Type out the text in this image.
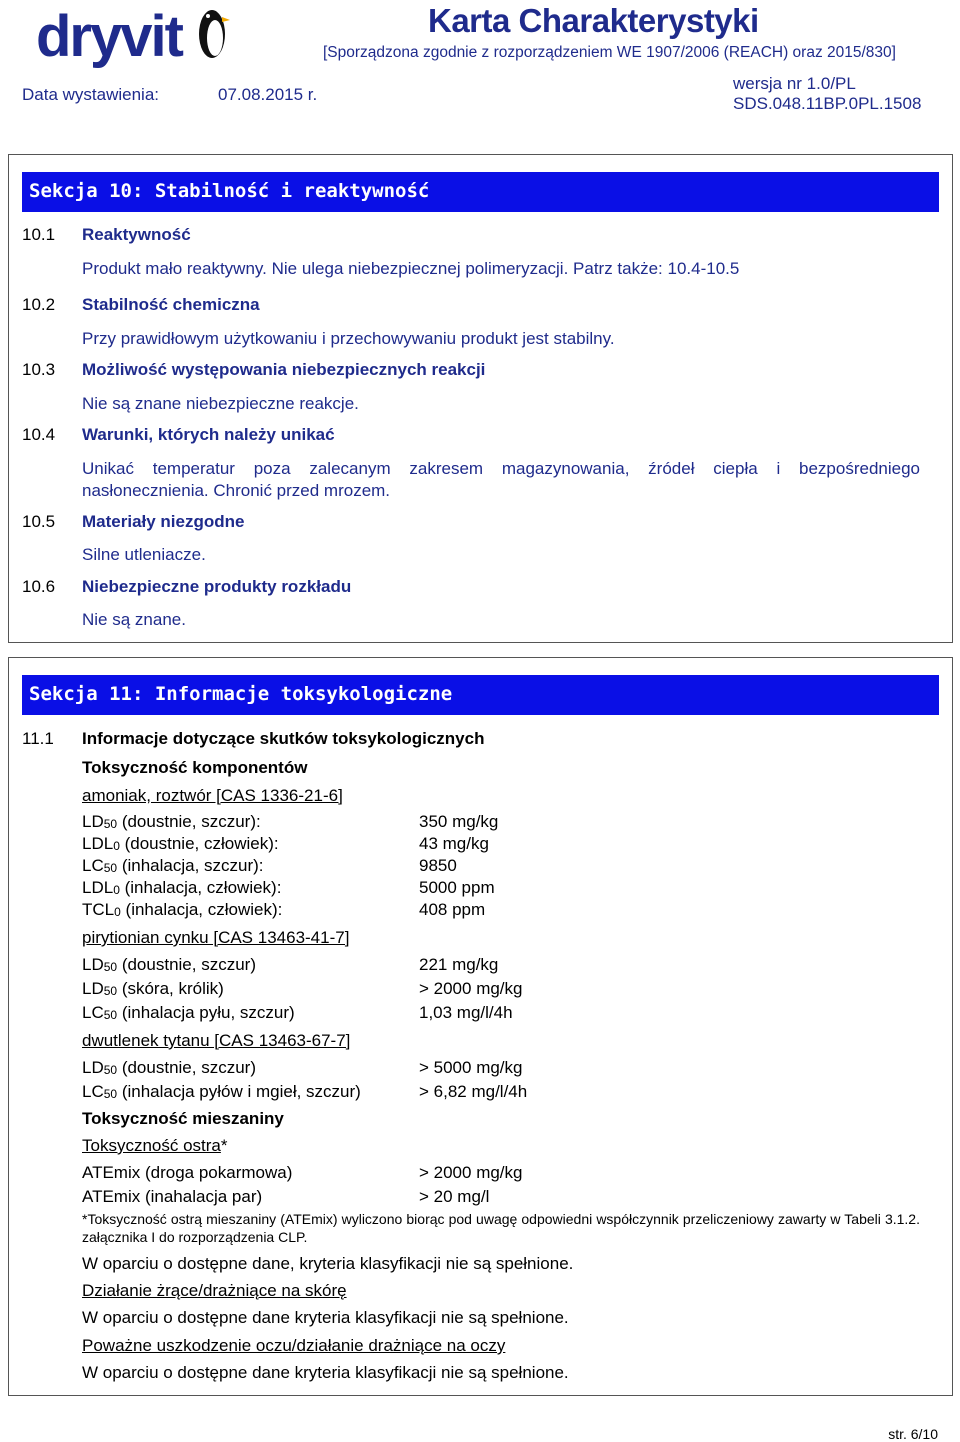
dryvit	Karta Charakterystyki
[Sporządzona zgodnie z rozporządzeniem WE 1907/2006 (REACH) oraz 2015/830]
Data wystawienia:	07.08.2015 r.
wersja nr 1.0/PL
SDS.048.11BP.0PL.1508
Sekcja 10: Stabilność i reaktywność
10.1 Reaktywność
Produkt mało reaktywny. Nie ulega niebezpiecznej polimeryzacji. Patrz także: 10.4-10.5
10.2 Stabilność chemiczna
Przy prawidłowym użytkowaniu i przechowywaniu produkt jest stabilny.
10.3 Możliwość występowania niebezpiecznych reakcji
Nie są znane niebezpieczne reakcje.
10.4 Warunki, których należy unikać
Unikać temperatur poza zalecanym zakresem magazynowania, źródeł ciepła i bezpośredniego nasłonecznienia. Chronić przed mrozem.
10.5 Materiały niezgodne
Silne utleniacze.
10.6 Niebezpieczne produkty rozkładu
Nie są znane.
Sekcja 11: Informacje toksykologiczne
11.1 Informacje dotyczące skutków toksykologicznych
Toksyczność komponentów
amoniak, roztwór [CAS 1336-21-6]
$LD_{50}$ (doustnie, szczur):	350 mg/kg
$LDL_0$ (doustnie, człowiek):	43 mg/kg
$LC_{50}$ (inhalacja, szczur):	9850
$LDL_0$ (inhalacja, człowiek):	5000 ppm
$TCL_0$ (inhalacja, człowiek):	408 ppm
pirytionian cynku [CAS 13463-41-7]
$LD_{50}$ (doustnie, szczur)	221 mg/kg
$LD_{50}$ (skóra, królik)	> 2000 mg/kg
$LC_{50}$ (inhalacja pyłu, szczur)	1,03 mg/l/4h
dwutlenek tytanu [CAS 13463-67-7]
$LD_{50}$ (doustnie, szczur)	> 5000 mg/kg
$LC_{50}$ (inhalacja pyłów i mgieł, szczur)	> 6,82 mg/l/4h
Toksyczność mieszaniny
Toksyczność ostra*
ATEmix (droga pokarmowa)	> 2000 mg/kg
ATEmix (inahalacja par)	> 20 mg/l
*Toksyczność ostrą mieszaniny (ATEmix) wyliczono biorąc pod uwagę odpowiedni współczynnik przeliczeniowy zawarty w Tabeli 3.1.2. załącznika I do rozporządzenia CLP.
W oparciu o dostępne dane, kryteria klasyfikacji nie są spełnione.
Działanie żrące/drażniące na skórę
W oparciu o dostępne dane kryteria klasyfikacji nie są spełnione.
Poważne uszkodzenie oczu/działanie drażniące na oczy
W oparciu o dostępne dane kryteria klasyfikacji nie są spełnione.
str. 6/10
